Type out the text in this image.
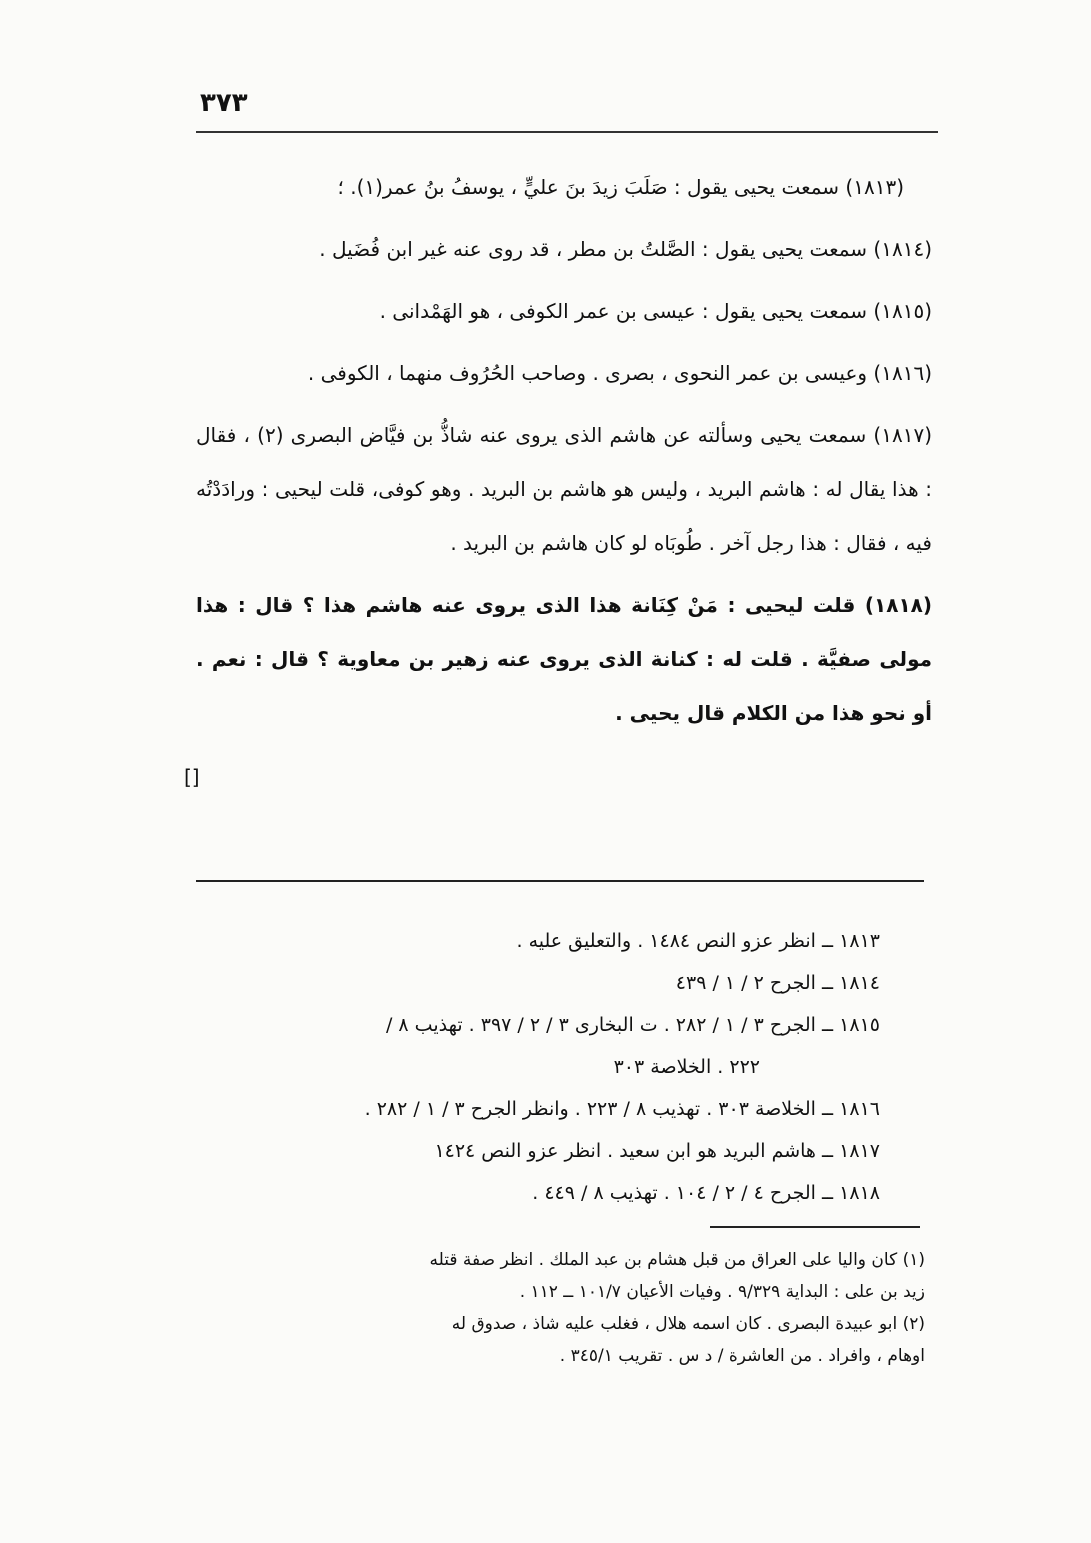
٣٧٣

(١٨١٣) سمعت يحيى يقول : صَلَبَ زيدَ بنَ عليٍّ ، يوسفُ بنُ عمر(١). ؛

(١٨١٤) سمعت يحيى يقول : الصَّلتُ بن مطر ، قد روى عنه غير ابن فُضَيل .

(١٨١٥) سمعت يحيى يقول : عيسى بن عمر الكوفى ، هو الهَمْدانى .

(١٨١٦) وعيسى بن عمر النحوى ، بصرى . وصاحب الحُرُوف منهما ، الكوفى .

(١٨١٧) سمعت يحيى وسألته عن هاشم الذى يروى عنه شاذُّ بن فيَّاض البصرى (٢) ، فقال : هذا يقال له : هاشم البريد ، وليس هو هاشم بن البريد . وهو كوفى، قلت ليحيى : ورادَدْتُه فيه ، فقال : هذا رجل آخر . طُوبَاه لو كان هاشم بن البريد .

(١٨١٨) قلت ليحيى : مَنْ كِنَانة هذا الذى يروى عنه هاشم هذا ؟ قال : هذا مولى صفيَّة . قلت له : كنانة الذى يروى عنه زهير بن معاوية ؟ قال : نعم . أو نحو هذا من الكلام قال يحيى .

[]
١٨١٣ ــ انظر عزو النص ١٤٨٤ . والتعليق عليه .
١٨١٤ ــ الجرح ٢ / ١ / ٤٣٩
١٨١٥ ــ الجرح ٣ / ١ / ٢٨٢ . ت البخارى ٣ / ٢ / ٣٩٧ . تهذيب ٨ /
٢٢٢ . الخلاصة ٣٠٣
١٨١٦ ــ الخلاصة ٣٠٣ . تهذيب ٨ / ٢٢٣ . وانظر الجرح ٣ / ١ / ٢٨٢ .
١٨١٧ ــ هاشم البريد هو ابن سعيد . انظر عزو النص ١٤٢٤
١٨١٨ ــ الجرح ٤ / ٢ / ١٠٤ . تهذيب ٨ / ٤٤٩ .
(١) كان واليا على العراق من قبل هشام بن عبد الملك . انظر صفة قتله
زيد بن على : البداية ٩/٣٢٩ . وفيات الأعيان ١٠١/٧ ــ ١١٢ .
(٢) ابو عبيدة البصرى . كان اسمه هلال ، فغلب عليه شاذ ، صدوق له
اوهام ، وافراد . من العاشرة / د س . تقريب ٣٤٥/١ .
